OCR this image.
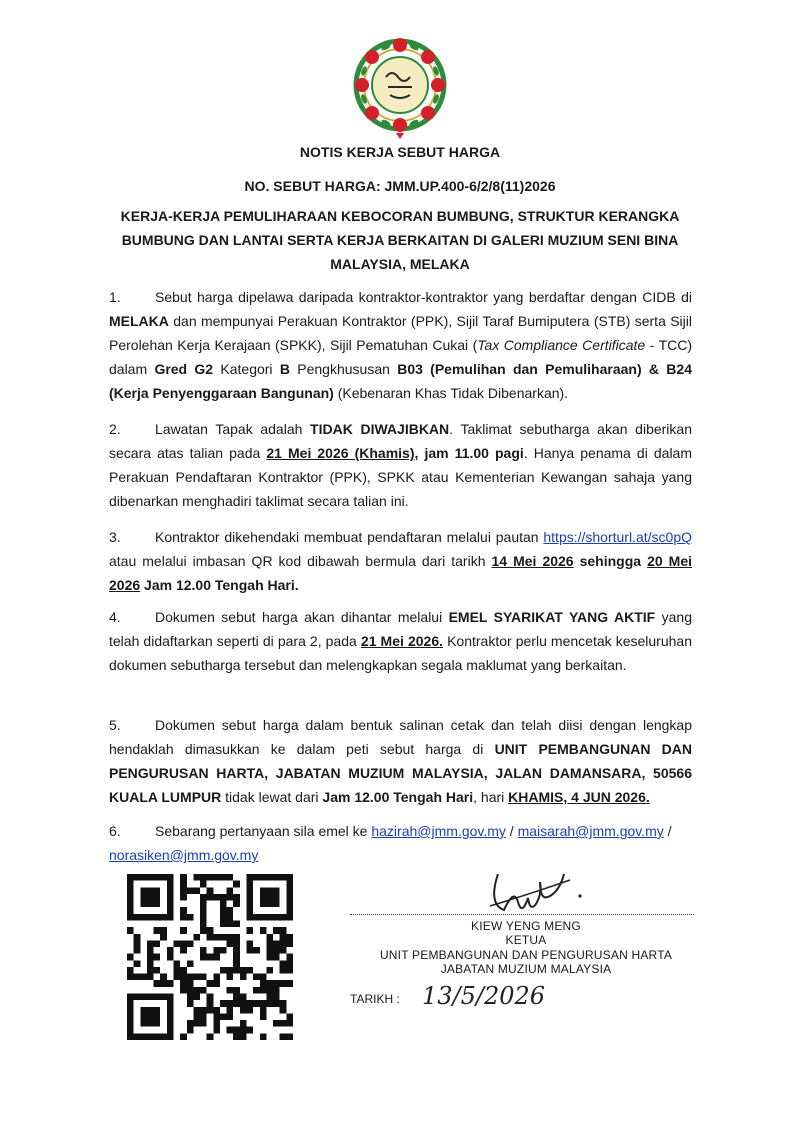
NOTIS KERJA SEBUT HARGA
NO. SEBUT HARGA: JMM.UP.400-6/2/8(11)2026
KERJA-KERJA PEMULIHARAAN KEBOCORAN BUMBUNG, STRUKTUR KERANGKA BUMBUNG DAN LANTAI SERTA KERJA BERKAITAN DI GALERI MUZIUM SENI BINA MALAYSIA, MELAKA
1. Sebut harga dipelawa daripada kontraktor-kontraktor yang berdaftar dengan CIDB di MELAKA dan mempunyai Perakuan Kontraktor (PPK), Sijil Taraf Bumiputera (STB) serta Sijil Perolehan Kerja Kerajaan (SPKK), Sijil Pematuhan Cukai (Tax Compliance Certificate - TCC) dalam Gred G2 Kategori B Pengkhususan B03 (Pemulihan dan Pemuliharaan) & B24 (Kerja Penyenggaraan Bangunan) (Kebenaran Khas Tidak Dibenarkan).
2. Lawatan Tapak adalah TIDAK DIWAJIBKAN. Taklimat sebutharga akan diberikan secara atas talian pada 21 Mei 2026 (Khamis), jam 11.00 pagi. Hanya penama di dalam Perakuan Pendaftaran Kontraktor (PPK), SPKK atau Kementerian Kewangan sahaja yang dibenarkan menghadiri taklimat secara talian ini.
3. Kontraktor dikehendaki membuat pendaftaran melalui pautan https://shorturl.at/sc0pQ atau melalui imbasan QR kod dibawah bermula dari tarikh 14 Mei 2026 sehingga 20 Mei 2026 Jam 12.00 Tengah Hari.
4. Dokumen sebut harga akan dihantar melalui EMEL SYARIKAT YANG AKTIF yang telah didaftarkan seperti di para 2, pada 21 Mei 2026. Kontraktor perlu mencetak keseluruhan dokumen sebutharga tersebut dan melengkapkan segala maklumat yang berkaitan.
5. Dokumen sebut harga dalam bentuk salinan cetak dan telah diisi dengan lengkap hendaklah dimasukkan ke dalam peti sebut harga di UNIT PEMBANGUNAN DAN PENGURUSAN HARTA, JABATAN MUZIUM MALAYSIA, JALAN DAMANSARA, 50566 KUALA LUMPUR tidak lewat dari Jam 12.00 Tengah Hari, hari KHAMIS, 4 JUN 2026.
6. Sebarang pertanyaan sila emel ke hazirah@jmm.gov.my / maisarah@jmm.gov.my / norasiken@jmm.gov.my
KIEW YENG MENG
KETUA
UNIT PEMBANGUNAN DAN PENGURUSAN HARTA
JABATAN MUZIUM MALAYSIA
TARIKH : 13/5/2026
